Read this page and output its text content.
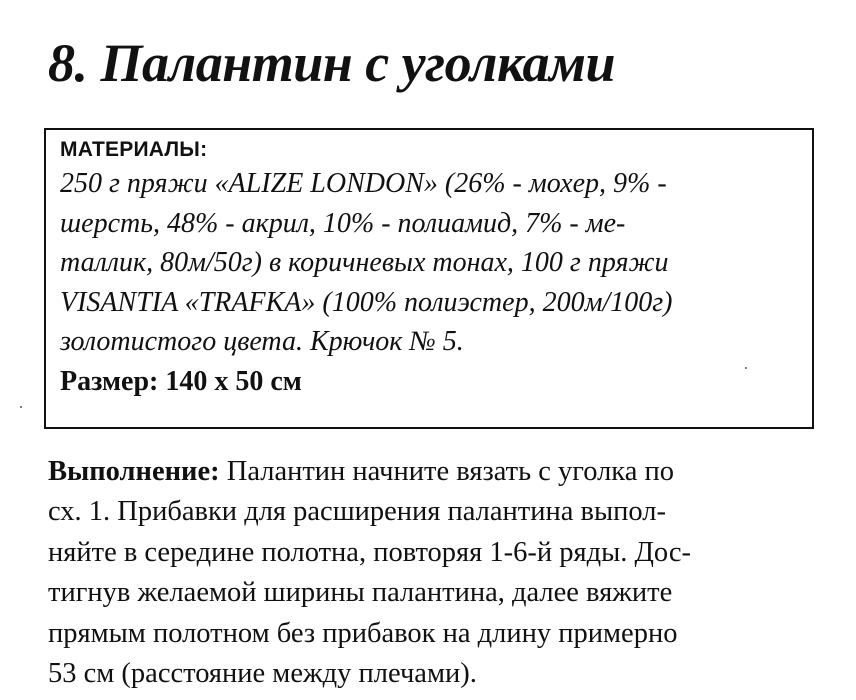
8. Палантин с уголками
МАТЕРИАЛЫ:
250 г пряжи «ALIZE LONDON» (26% - мохер, 9% -
шерсть, 48% - акрил, 10% - полиамид, 7% - ме-
таллик, 80м/50г) в коричневых тонах, 100 г пряжи
VISANTIA «TRAFKA» (100% полиэстер, 200м/100г)
золотистого цвета. Крючок № 5.
Размер: 140 х 50 см
Выполнение: Палантин начните вязать с уголка по
сх. 1. Прибавки для расширения палантина выпол-
няйте в середине полотна, повторяя 1-6-й ряды. Дос-
тигнув желаемой ширины палантина, далее вяжите
прямым полотном без прибавок на длину примерно
53 см (расстояние между плечами).
